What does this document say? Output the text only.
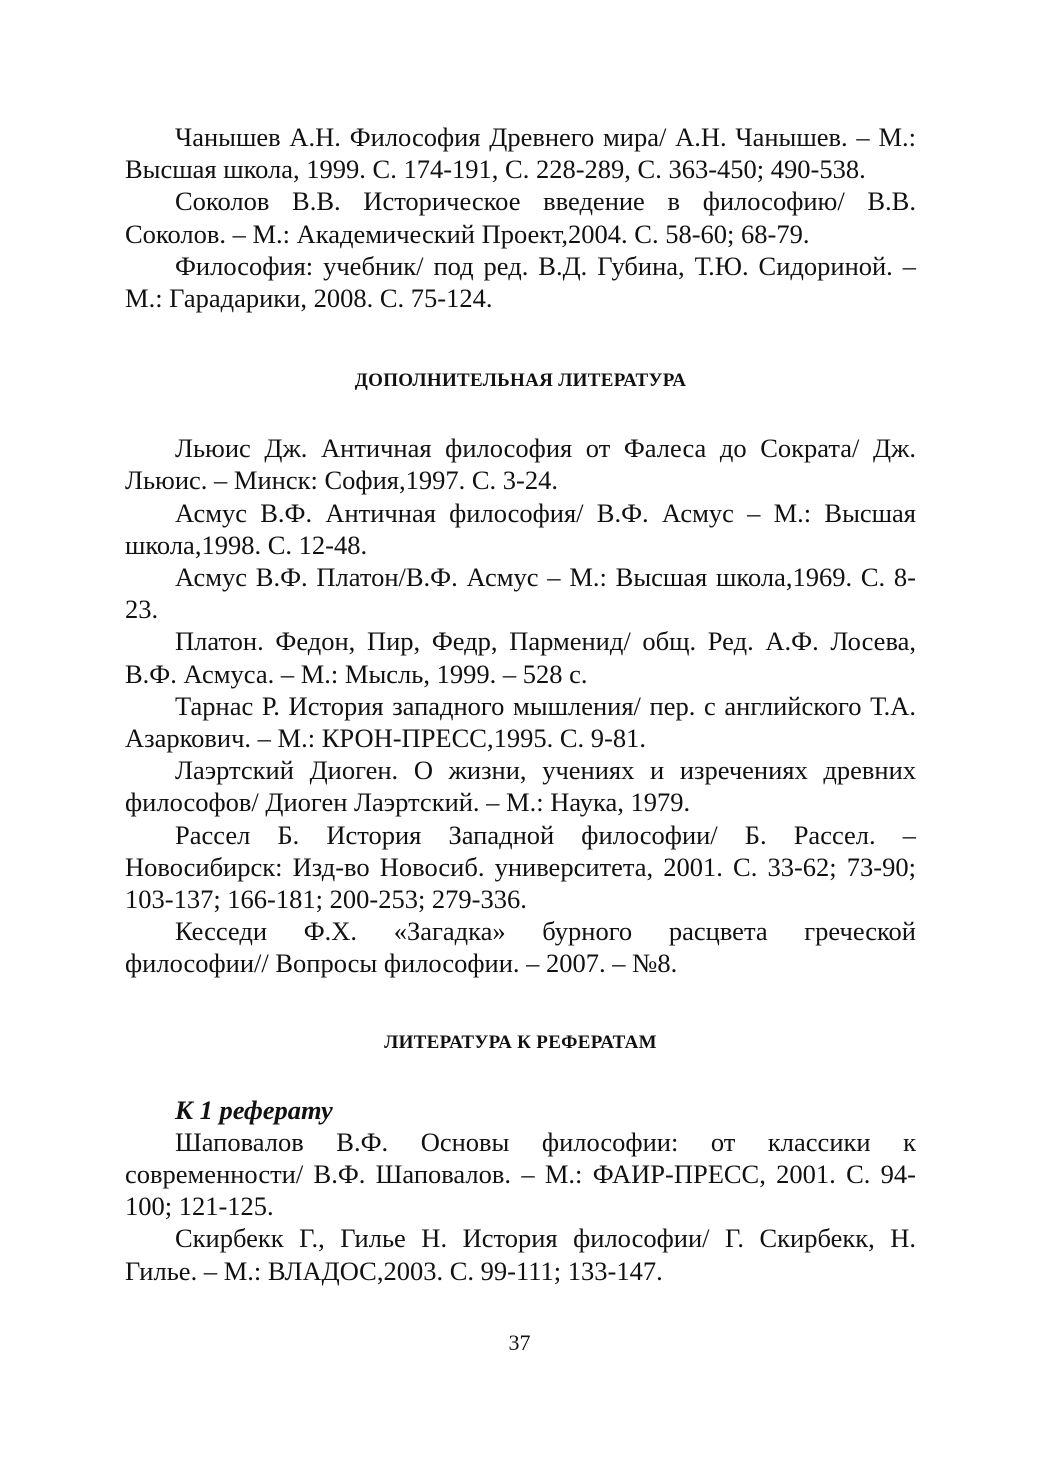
Чанышев А.Н. Философия Древнего мира/ А.Н. Чанышев. – М.: Высшая школа, 1999. С. 174-191, С. 228-289, С. 363-450; 490-538.

Соколов В.В. Историческое введение в философию/ В.В. Соколов. – М.: Академический Проект,2004. С. 58-60; 68-79.

Философия: учебник/ под ред. В.Д. Губина, Т.Ю. Сидориной. – М.: Гарадарики, 2008. С. 75-124.

ДОПОЛНИТЕЛЬНАЯ ЛИТЕРАТУРА

Льюис Дж. Античная философия от Фалеса до Сократа/ Дж. Льюис. – Минск: София,1997. С. 3-24.

Асмус В.Ф. Античная философия/ В.Ф. Асмус – М.: Высшая школа,1998. С. 12-48.

Асмус В.Ф. Платон/В.Ф. Асмус – М.: Высшая школа,1969. С. 8-23.

Платон. Федон, Пир, Федр, Парменид/ общ. Ред. А.Ф. Лосева, В.Ф. Асмуса. – М.: Мысль, 1999. – 528 с.

Тарнас Р. История западного мышления/ пер. с английского Т.А. Азаркович. – М.: КРОН-ПРЕСС,1995. С. 9-81.

Лаэртский Диоген. О жизни, учениях и изречениях древних философов/ Диоген Лаэртский. – М.: Наука, 1979.

Рассел Б. История Западной философии/ Б. Рассел. – Новосибирск: Изд-во Новосиб. университета, 2001. С. 33-62; 73-90; 103-137; 166-181; 200-253; 279-336.

Кесседи Ф.Х. «Загадка» бурного расцвета греческой философии// Вопросы философии. – 2007. – №8.

ЛИТЕРАТУРА К РЕФЕРАТАМ

К 1 реферату

Шаповалов В.Ф. Основы философии: от классики к современности/ В.Ф. Шаповалов. – М.: ФАИР-ПРЕСС, 2001. С. 94-100; 121-125.

Скирбекк Г., Гилье Н. История философии/ Г. Скирбекк, Н. Гилье. – М.: ВЛАДОС,2003. С. 99-111; 133-147.

37
